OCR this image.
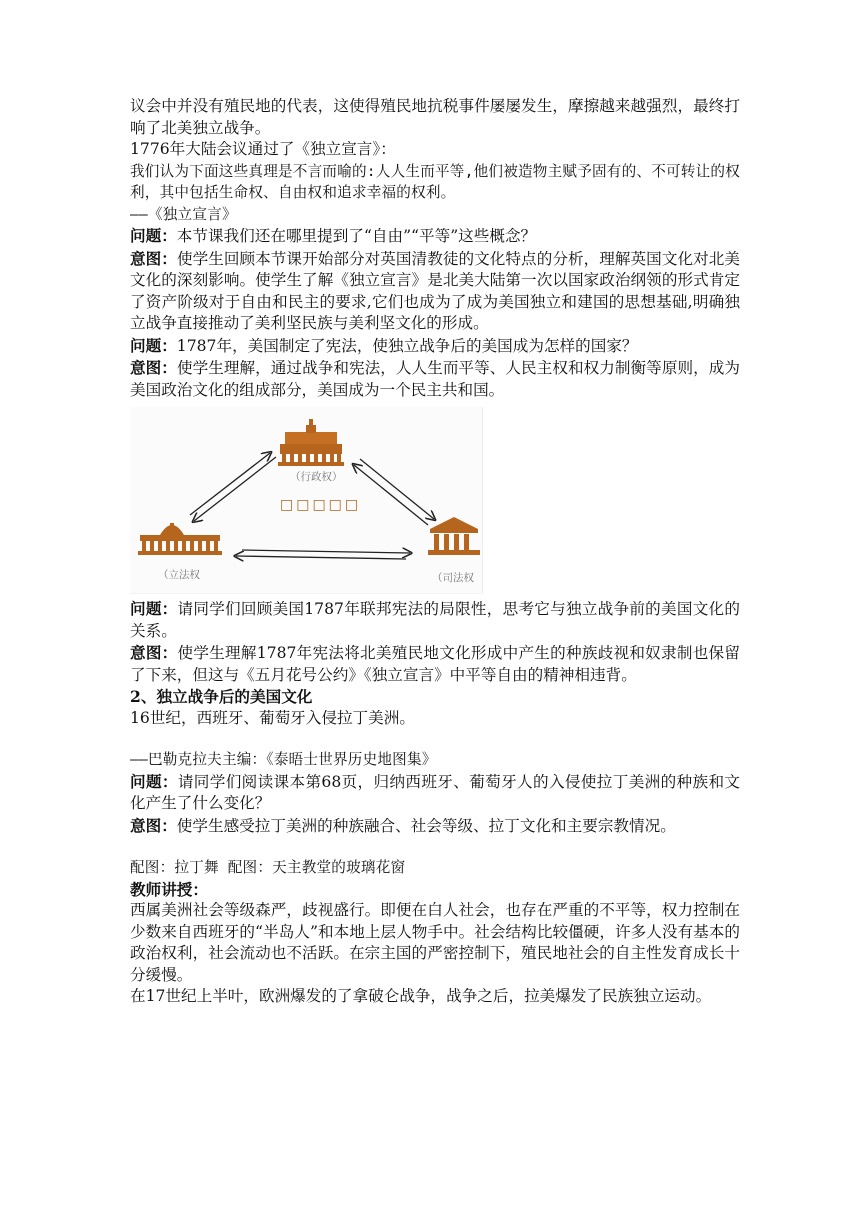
议会中并没有殖民地的代表，这使得殖民地抗税事件屡屡发生，摩擦越来越强烈，最终打响了北美独立战争。

1776年大陆会议通过了《独立宣言》：

我们认为下面这些真理是不言而喻的:人人生而平等,他们被造物主赋予固有的、不可转让的权利，其中包括生命权、自由权和追求幸福的权利。

——《独立宣言》

问题：本节课我们还在哪里提到了“自由”“平等”这些概念？

意图：使学生回顾本节课开始部分对英国清教徒的文化特点的分析，理解英国文化对北美文化的深刻影响。使学生了解《独立宣言》是北美大陆第一次以国家政治纲领的形式肯定了资产阶级对于自由和民主的要求,它们也成为了成为美国独立和建国的思想基础,明确独立战争直接推动了美利坚民族与美利坚文化的形成。

问题：1787年，美国制定了宪法，使独立战争后的美国成为怎样的国家？

意图：使学生理解，通过战争和宪法，人人生而平等、人民主权和权力制衡等原则，成为美国政治文化的组成部分，美国成为一个民主共和国。

（行政权）
（立法权	（司法权
□□□□□

问题：请同学们回顾美国1787年联邦宪法的局限性，思考它与独立战争前的美国文化的关系。

意图：使学生理解1787年宪法将北美殖民地文化形成中产生的种族歧视和奴隶制也保留了下来，但这与《五月花号公约》《独立宣言》中平等自由的精神相违背。

2、独立战争后的美国文化

16世纪，西班牙、葡萄牙入侵拉丁美洲。

——巴勒克拉夫主编：《泰晤士世界历史地图集》

问题：请同学们阅读课本第68页，归纳西班牙、葡萄牙人的入侵使拉丁美洲的种族和文化产生了什么变化？

意图：使学生感受拉丁美洲的种族融合、社会等级、拉丁文化和主要宗教情况。

配图：拉丁舞 配图：天主教堂的玻璃花窗

教师讲授：

西属美洲社会等级森严，歧视盛行。即便在白人社会，也存在严重的不平等，权力控制在少数来自西班牙的“半岛人”和本地上层人物手中。社会结构比较僵硬，许多人没有基本的政治权利，社会流动也不活跃。在宗主国的严密控制下，殖民地社会的自主性发育成长十分缓慢。

在17世纪上半叶，欧洲爆发的了拿破仑战争，战争之后，拉美爆发了民族独立运动。
